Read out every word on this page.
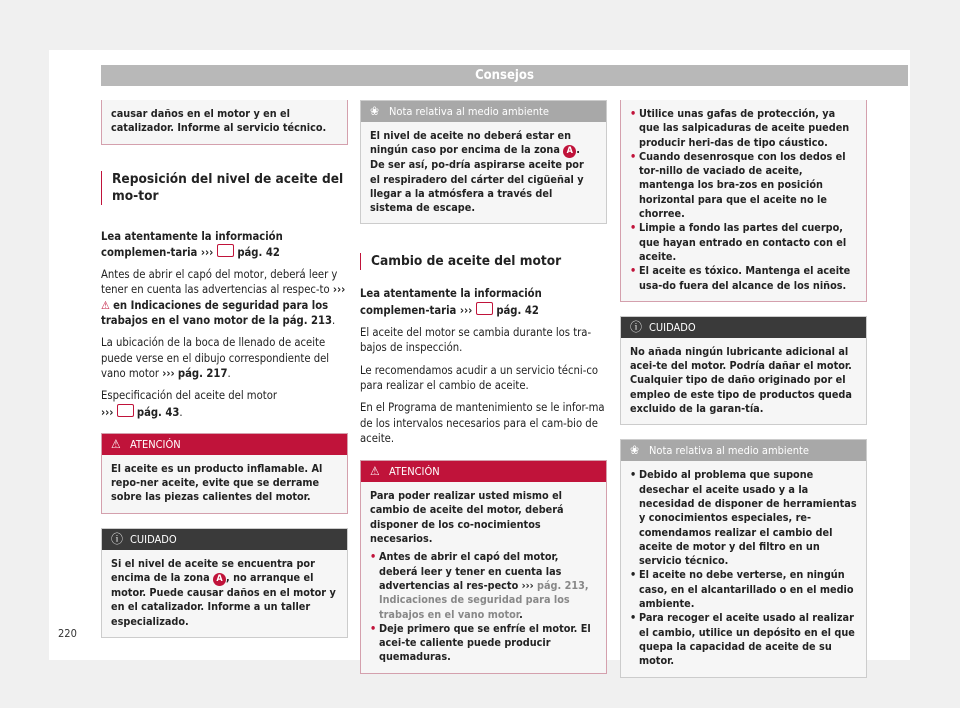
Consejos

causar daños en el motor y en el catalizador. Informe al servicio técnico.

Reposición del nivel de aceite del mo-tor

Lea atentamente la información complemen-taria ››› pág. 42

Antes de abrir el capó del motor, deberá leer y tener en cuenta las advertencias al respec-to ››› ⚠ en Indicaciones de seguridad para los trabajos en el vano motor de la pág. 213.

La ubicación de la boca de llenado de aceite puede verse en el dibujo correspondiente del vano motor ››› pág. 217.

Especificación del aceite del motor
››› pág. 43.

⚠ ATENCIÓN

El aceite es un producto inflamable. Al repo-ner aceite, evite que se derrame sobre las piezas calientes del motor.

ⓘ CUIDADO

Si el nivel de aceite se encuentra por encima de la zona A , no arranque el motor. Puede causar daños en el motor y en el catalizador. Informe a un taller especializado.

❀ Nota relativa al medio ambiente

El nivel de aceite no deberá estar en ningún caso por encima de la zona A . De ser así, po-dría aspirarse aceite por el respiradero del cárter del cigüeñal y llegar a la atmósfera a través del sistema de escape.

Cambio de aceite del motor

Lea atentamente la información complemen-taria ››› pág. 42

El aceite del motor se cambia durante los tra-bajos de inspección.

Le recomendamos acudir a un servicio técni-co para realizar el cambio de aceite.

En el Programa de mantenimiento se le infor-ma de los intervalos necesarios para el cam-bio de aceite.

⚠ ATENCIÓN

Para poder realizar usted mismo el cambio de aceite del motor, deberá disponer de los co-nocimientos necesarios.

• Antes de abrir el capó del motor, deberá leer y tener en cuenta las advertencias al res-pecto ››› pág. 213, Indicaciones de seguridad para los trabajos en el vano motor.

• Deje primero que se enfríe el motor. El acei-te caliente puede producir quemaduras.

• Utilice unas gafas de protección, ya que las salpicaduras de aceite pueden producir heri-das de tipo cáustico.

• Cuando desenrosque con los dedos el tor-nillo de vaciado de aceite, mantenga los bra-zos en posición horizontal para que el aceite no le chorree.

• Limpie a fondo las partes del cuerpo, que hayan entrado en contacto con el aceite.

• El aceite es tóxico. Mantenga el aceite usa-do fuera del alcance de los niños.

ⓘ CUIDADO

No añada ningún lubricante adicional al acei-te del motor. Podría dañar el motor. Cualquier tipo de daño originado por el empleo de este tipo de productos queda excluido de la garan-tía.

❀ Nota relativa al medio ambiente

• Debido al problema que supone desechar el aceite usado y a la necesidad de disponer de herramientas y conocimientos especiales, re-comendamos realizar el cambio del aceite de motor y del filtro en un servicio técnico.

• El aceite no debe verterse, en ningún caso, en el alcantarillado o en el medio ambiente.

• Para recoger el aceite usado al realizar el cambio, utilice un depósito en el que quepa la capacidad de aceite de su motor.

220
